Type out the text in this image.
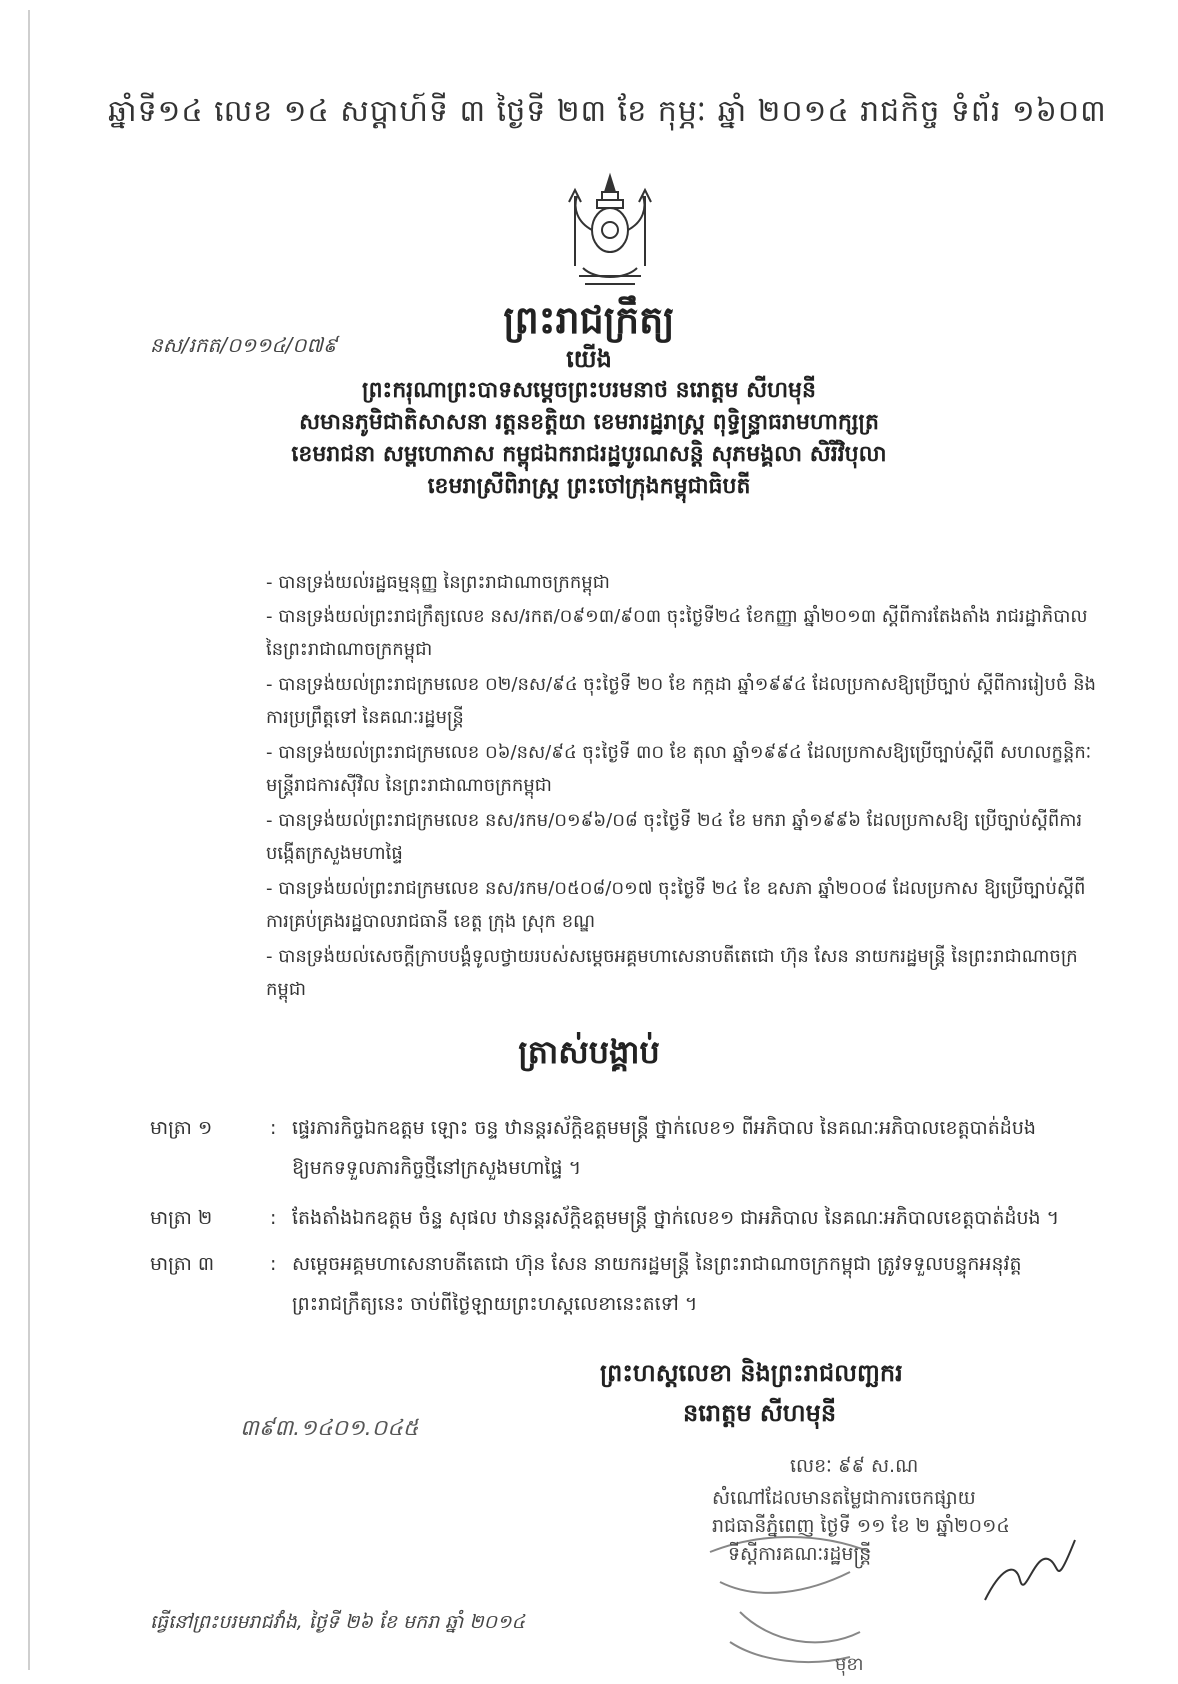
ឆ្នាំទី១៤ លេខ ១៤ សប្តាហ៍ទី ៣ ថ្ងៃទី ២៣ ខែ កុម្ភៈ ឆ្នាំ ២០១៤ រាជកិច្ច ទំព័រ ១៦០៣
នស/រកត/០១១៤/០៧៩
ព្រះរាជក្រឹត្យ
យើង
ព្រះករុណាព្រះបាទសម្តេចព្រះបរមនាថ នរោត្តម សីហមុនី
សមានភូមិជាតិសាសនា រត្តនខត្តិយា ខេមរារដ្ឋរាស្ត្រ ពុទ្ធិន្ទ្រាធរាមហាក្សត្រ
ខេមរាជនា សម្ពហោភាស កម្ពុជឯករាជរដ្ឋបូរណសន្តិ សុភមង្គលា សិរីវិបុលា
ខេមរាស្រីពិរាស្ត្រ ព្រះចៅក្រុងកម្ពុជាធិបតី
- បានទ្រង់យល់រដ្ឋធម្មនុញ្ញ នៃព្រះរាជាណាចក្រកម្ពុជា
- បានទ្រង់យល់ព្រះរាជក្រឹត្យលេខ នស/រកត/០៩១៣/៩០៣ ចុះថ្ងៃទី២៤ ខែកញ្ញា ឆ្នាំ២០១៣ ស្តីពីការតែងតាំង រាជរដ្ឋាភិបាល នៃព្រះរាជាណាចក្រកម្ពុជា
- បានទ្រង់យល់ព្រះរាជក្រមលេខ ០២/នស/៩៤ ចុះថ្ងៃទី ២០ ខែ កក្កដា ឆ្នាំ១៩៩៤ ដែលប្រកាសឱ្យប្រើច្បាប់ ស្តីពីការរៀបចំ និងការប្រព្រឹត្តទៅ នៃគណៈរដ្ឋមន្ត្រី
- បានទ្រង់យល់ព្រះរាជក្រមលេខ ០៦/នស/៩៤ ចុះថ្ងៃទី ៣០ ខែ តុលា ឆ្នាំ១៩៩៤ ដែលប្រកាសឱ្យប្រើច្បាប់ស្តីពី សហលក្ខន្តិកៈមន្ត្រីរាជការស៊ីវិល នៃព្រះរាជាណាចក្រកម្ពុជា
- បានទ្រង់យល់ព្រះរាជក្រមលេខ នស/រកម/០១៩៦/០៨ ចុះថ្ងៃទី ២៤ ខែ មករា ឆ្នាំ១៩៩៦ ដែលប្រកាសឱ្យ ប្រើច្បាប់ស្តីពីការបង្កើតក្រសួងមហាផ្ទៃ
- បានទ្រង់យល់ព្រះរាជក្រមលេខ នស/រកម/០៥០៨/០១៧ ចុះថ្ងៃទី ២៤ ខែ ឧសភា ឆ្នាំ២០០៨ ដែលប្រកាស ឱ្យប្រើច្បាប់ស្តីពីការគ្រប់គ្រងរដ្ឋបាលរាជធានី ខេត្ត ក្រុង ស្រុក ខណ្ឌ
- បានទ្រង់យល់សេចក្តីក្រាបបង្គំទូលថ្វាយរបស់សម្តេចអគ្គមហាសេនាបតីតេជោ ហ៊ុន សែន នាយករដ្ឋមន្ត្រី នៃព្រះរាជាណាចក្រកម្ពុជា
ត្រាស់បង្គាប់
មាត្រា ១	: ផ្ទេរភារកិច្ចឯកឧត្តម ឡោះ ចន្ទ ឋានន្តរស័ក្តិឧត្តមមន្ត្រី ថ្នាក់លេខ១ ពីអភិបាល នៃគណៈអភិបាលខេត្តបាត់ដំបង
ឱ្យមកទទួលភារកិច្ចថ្មីនៅក្រសួងមហាផ្ទៃ ។
មាត្រា ២	: តែងតាំងឯកឧត្តម ចំន្ទ សុផល ឋានន្តរស័ក្តិឧត្តមមន្ត្រី ថ្នាក់លេខ១ ជាអភិបាល នៃគណៈអភិបាលខេត្តបាត់ដំបង ។
មាត្រា ៣	: សម្តេចអគ្គមហាសេនាបតីតេជោ ហ៊ុន សែន នាយករដ្ឋមន្ត្រី នៃព្រះរាជាណាចក្រកម្ពុជា ត្រូវទទួលបន្ទុកអនុវត្ត
ព្រះរាជក្រឹត្យនេះ ចាប់ពីថ្ងៃឡាយព្រះហស្តលេខានេះតទៅ ។
ព្រះហស្តលេខា និងព្រះរាជលញ្ឆករ
នរោត្តម សីហមុនី
៣៩៣.១៤០១.០៤៥
លេខៈ ៩៩ ស.ណ
សំណៅដែលមានតម្លៃជាការចេកផ្សាយ
រាជធានីភ្នំពេញ ថ្ងៃទី ១១ ខែ ២ ឆ្នាំ២០១៤
ទីស្តីការគណៈរដ្ឋមន្ត្រី
មុខា
ធ្វើនៅព្រះបរមរាជវាំង, ថ្ងៃទី ២៦ ខែ មករា ឆ្នាំ ២០១៤
